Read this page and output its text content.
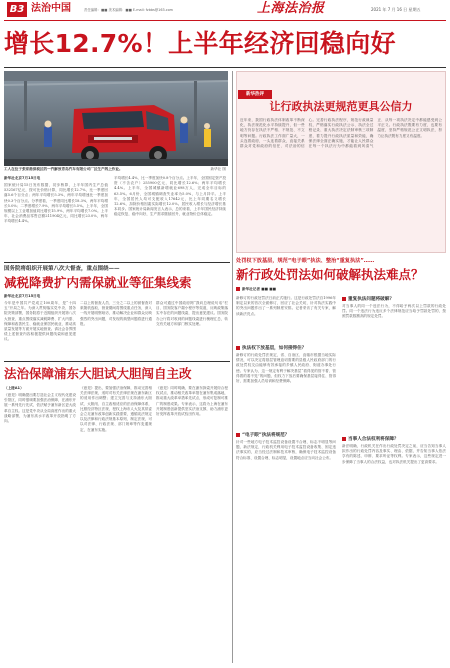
B3 法治中国	责任编辑：■■ 美术编辑：■■ E-mail: fzbbs@163.com	上海法治报	2021 年 7 月 16 日 星期五
增长12.7%！上半年经济回稳向好
工人在位于张家港保税区的一汽解放青岛汽车有限公司厂区生产线上作业。	新华社 图
新华社北京7月15日电
国家统计局15日发布数据，初步核算，上半年国内生产总值532167亿元，按可比价格计算，同比增长12.7%，比一季度回落5.6个百分点；两年平均增长5.3%，两年平均增速比一季度加快0.3个百分点。分季度看，一季度同比增长18.3%，两年平均增长5.0%；二季度增长7.9%，两年平均增长5.5%。上半年，全国规模以上工业增加值同比增长15.9%，两年平均增长7.0%。上半年，社会消费品零售总额211904亿元，同比增长23.0%，两年平均增长4.4%。
平均增长4.4%，比一季度加快0.8个百分点。上半年，全国固定资产投资（不含农户）255900亿元，同比增长12.6%；两年平均增长4.4%。上半年，全国城镇新增就业698万人，完成全年目标的63.5%。6月份，全国城镇调查失业率为5.0%，与上月持平。上半年，全国居民人均可支配收入17642元，比上年同期名义增长12.6%，扣除价格因素实际增长12.0%。居民收入增长与经济增长基本同步。国家统计局新闻发言人表示，总的来看，上半年国民经济持续稳定恢复，稳中向好，生产需求继续回升，就业物价总体稳定。
国务院将组织开展第八次大督查，重点围绕——
减税降费扩内需保就业等征集线索
新华社北京7月15日电
今年是中国共产党成立100周年，是“十四五”开局之年。为深入贯彻落实党中央、国务院决策部署，国务院将于近期组织开展第八次大督查，重点围绕落实减税降费、扩大内需、保障和改善民生、稳就业保居民就业、推动高质量发展等方面开展实地督查。请社会各界围绕上述督查内容积极提供问题线索和意见建议。
二以上的督查人员、三分之二以上的被督查对象随机选取，督查期间将围绕重点任务，深入一线开展明察暗访，推动解决企业和群众反映强烈的突出问题，对发现的典型问题将进行通报。
群众可通过中国政府网“我向总理说句话”栏目、国务院客户端小程序等渠道，反映政策落实中存在的问题线索，提出意见建议。国务院办公厅将对收到的问题线索进行梳理汇总，转交有关地方和部门核实处理。
法治保障浦东大胆试大胆闯自主改
（上接A1）
《意见》明确提出要打造社会主义现代化建设引领区，同时强调要加强法治保障，在浦东开展一系列先行先试，依法赋予浦东新区更大改革自主权。这是党中央从全局高度作出的重大战略部署，为浦东高水平改革开放指明了方向。
《意见》提出，要加强法治保障，推动完善相关法律法规，适时对有关法律法规在浦东新区的适用作出调整；建立完善与支持浦东大胆试、大胆闯、自主改相适应的法治保障体系，比照经济特区法规，授权上海市人大及其常委会立足浦东改革创新实践需要，遵循宪法规定以及法律和行政法规基本原则，制定法规，可以对法律、行政法规、部门规章等作变通规定，在浦东实施。
《意见》同时明确，要在浦东探索开展综合授权试点，推动相关改革举措在浦东集成落地，推动重大改革举措率先试点，形成可复制可推广的制度成果。专家表示，这将为上海在浦东开展制度创新提供坚实法治支撑，助力浦东更好发挥改革开放试验田作用。
新华热评
让行政执法更规范更具公信力
近年来，我国行政执法体制改革不断深化，执法规范化水平持续提升，但一些地方仍存在执法不严格、不规范、不文明等问题。行政执法工作面广量大，一头连着政府，一头连着群众，直接关系群众对党和政府的信任、对法治的信心。完善行政执法程序，规范行政裁量权，严格落实行政执法公示、执法全过程记录、重大执法决定法制审核三项制度，着力提升行政执法质量和效能，确保法律全面正确实施，才能让人民群众在每一个执法行为中都能看到风清气正、从每一项执法决定中都能感受到公平正义。行政执法既要有力度，也要有温度，坚持严格规范公正文明执法，努力让执法既有力度又有温度。
处罚权下放基层，规范“电子眼”执法、整治“重复执法”……
新行政处罚法如何破解执法难点？
新华社记者 ■■ ■■
新修订的行政处罚法日前正式施行。这是行政处罚法自1996年制定以来的首次全面修订，回应了社会关切，针对执法实践中的突出问题作出了一系列制度安排。记者采访了有关专家，解读新法亮点。
执法权下放基层，如何接得住？
新修订的行政处罚法规定，省、自治区、直辖市根据当地实际情况，可以决定将基层管理迫切需要的县级人民政府部门的行政处罚权交由能够有效承接的乡镇人民政府、街道办事处行使。专家认为，这一规定有利于解决基层“看得见的管不着、管得着的看不见”的问题，但权力下放后要确保基层接得住、管得好，需要加强人员培训和经费保障。
“电子眼”执法将规范？
针对一些地方电子技术监控设备设置不合理、标志不明显等问题，新法规定，行政机关利用电子技术监控设备收集、固定违法事实的，应当经过法制和技术审核，确保电子技术监控设备符合标准、设置合理、标志明显，设置地点应当向社会公布。
重复执法问题将破解？
对当事人的同一个违法行为，不得给予两次以上罚款的行政处罚。同一个违法行为违反多个法律规范应当给予罚款处罚的，按照罚款数额高的规定处罚。
当事人合法权利将保障？
新法明确，行政机关在作出行政处罚决定之前，应当告知当事人拟作出的行政处罚内容及事实、理由、依据，并告知当事人依法享有的陈述、申辩、要求听证等权利。专家表示，这些规定进一步保障了当事人的合法权益，也对执法机关提出了更高要求。
